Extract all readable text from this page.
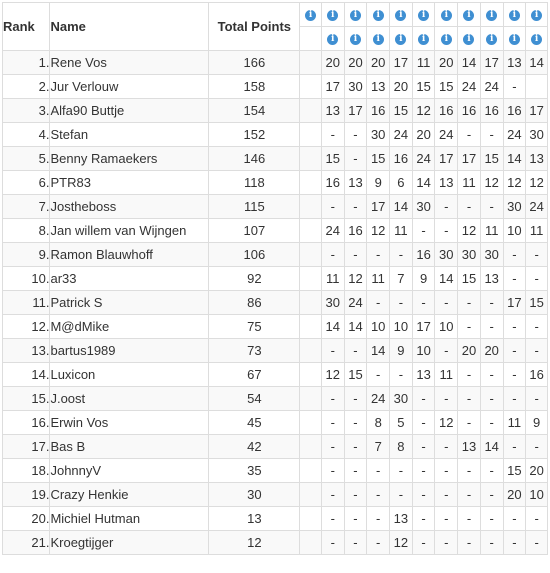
Rank	Name	Total Points	i	i	i	i	i	i	i	i	i	i	i
				i	i	i	i	i	i	i	i	i	i
1.	Rene Vos	166		20	20	20	17	11	20	14	17	13	14
2.	Jur Verlouw	158		17	30	13	20	15	15	24	24	-	
3.	Alfa90 Buttje	154		13	17	16	15	12	16	16	16	16	17
4.	Stefan	152		-	-	30	24	20	24	-	-	24	30
5.	Benny Ramaekers	146		15	-	15	16	24	17	17	15	14	13
6.	PTR83	118		16	13	9	6	14	13	11	12	12	12
7.	Jostheboss	115		-	-	17	14	30	-	-	-	30	24
8.	Jan willem van Wijngen	107		24	16	12	11	-	-	12	11	10	11
9.	Ramon Blauwhoff	106		-	-	-	-	16	30	30	30	-	-
10.	ar33	92		11	12	11	7	9	14	15	13	-	-
11.	Patrick S	86		30	24	-	-	-	-	-	-	17	15
12.	M@dMike	75		14	14	10	10	17	10	-	-	-	-
13.	bartus1989	73		-	-	14	9	10	-	20	20	-	-
14.	Luxicon	67		12	15	-	-	13	11	-	-	-	16
15.	J.oost	54		-	-	24	30	-	-	-	-	-	-
16.	Erwin Vos	45		-	-	8	5	-	12	-	-	11	9
17.	Bas B	42		-	-	7	8	-	-	13	14	-	-
18.	JohnnyV	35		-	-	-	-	-	-	-	-	15	20
19.	Crazy Henkie	30		-	-	-	-	-	-	-	-	20	10
20.	Michiel Hutman	13		-	-	-	13	-	-	-	-	-	-
21.	Kroegtijger	12		-	-	-	12	-	-	-	-	-	-
